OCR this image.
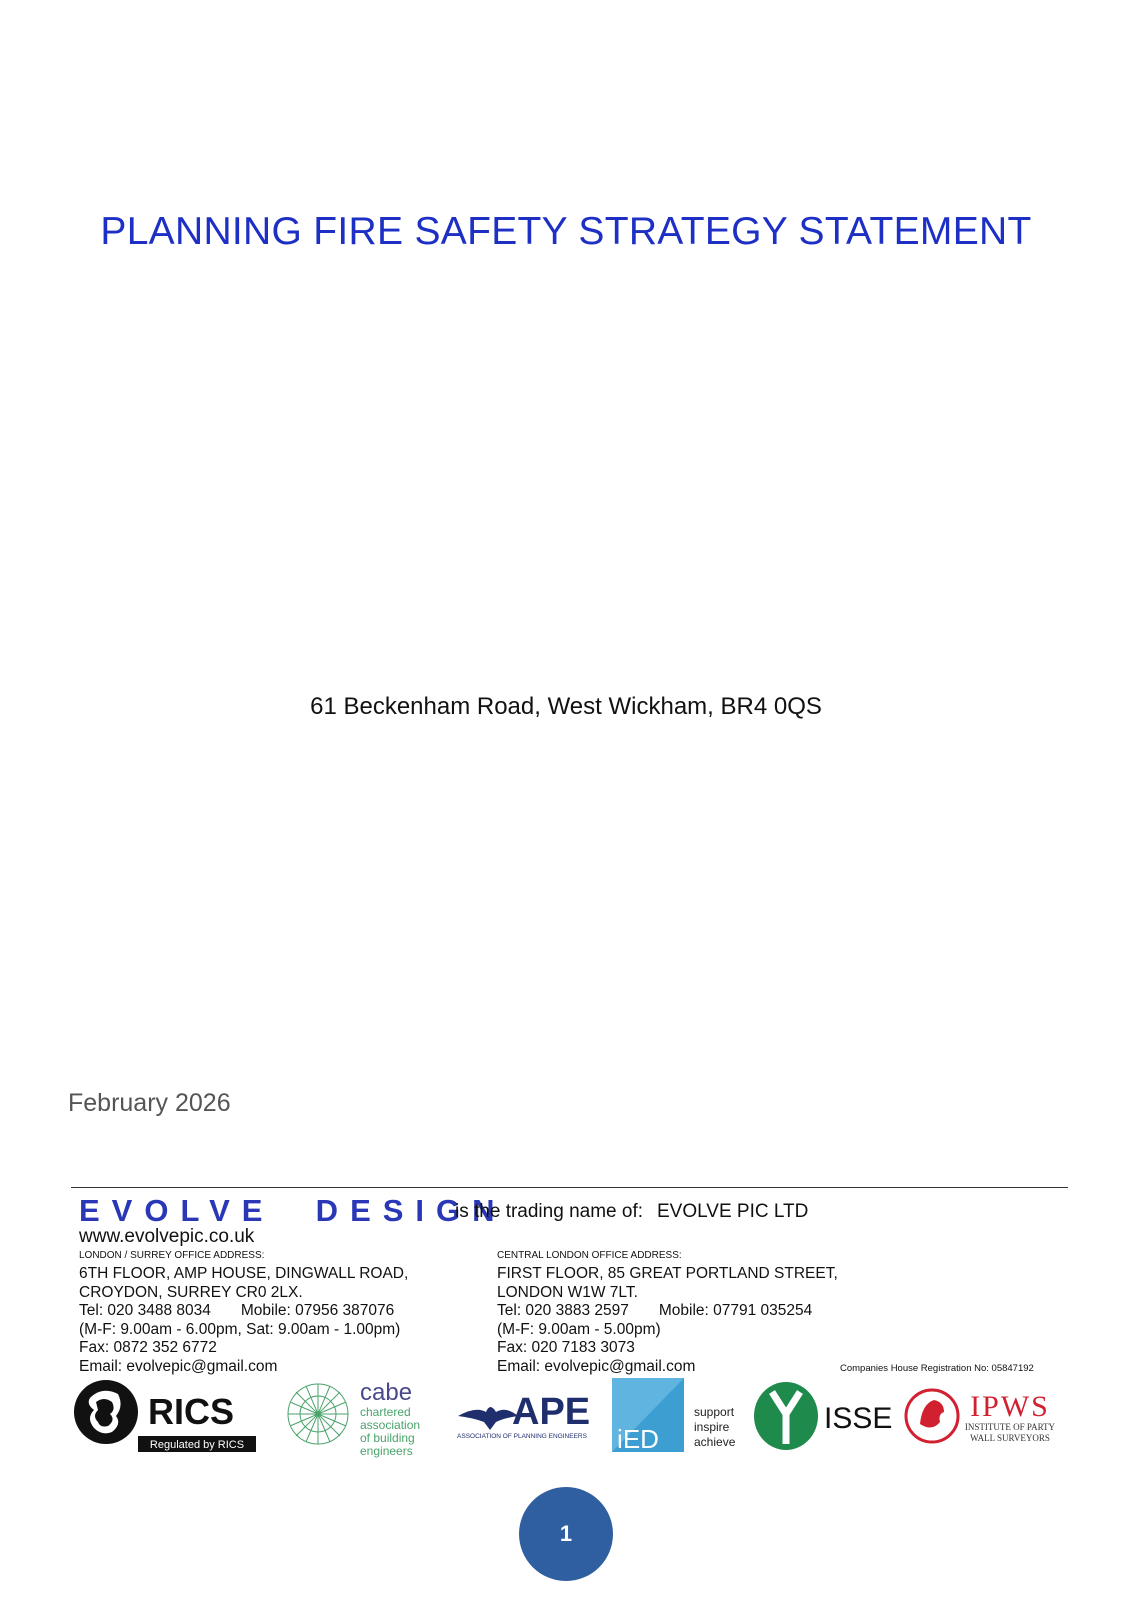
PLANNING FIRE SAFETY STRATEGY STATEMENT
61 Beckenham Road, West Wickham, BR4 0QS
February 2026
EVOLVE  DESIGN
is the trading name of: EVOLVE PIC LTD
www.evolvepic.co.uk
LONDON / SURREY OFFICE ADDRESS:
6TH FLOOR, AMP HOUSE, DINGWALL ROAD,
CROYDON, SURREY CR0 2LX.
Tel: 020 3488 8034 Mobile: 07956 387076
(M-F: 9.00am - 6.00pm, Sat: 9.00am - 1.00pm)
Fax: 0872 352 6772
Email: evolvepic@gmail.com
CENTRAL LONDON OFFICE ADDRESS:
FIRST FLOOR, 85 GREAT PORTLAND STREET,
LONDON W1W 7LT.
Tel: 020 3883 2597 Mobile: 07791 035254
(M-F: 9.00am - 5.00pm)
Fax: 020 7183 3073
Email: evolvepic@gmail.com	Companies House Registration No: 05847192
RICS
Regulated by RICS
cabe
chartered
association
of building
engineers
APE
ASSOCIATION OF PLANNING ENGINEERS iED
support
inspire
achieve
ISSE	IPWS
INSTITUTE OF PARTY
WALL SURVEYORS
1
